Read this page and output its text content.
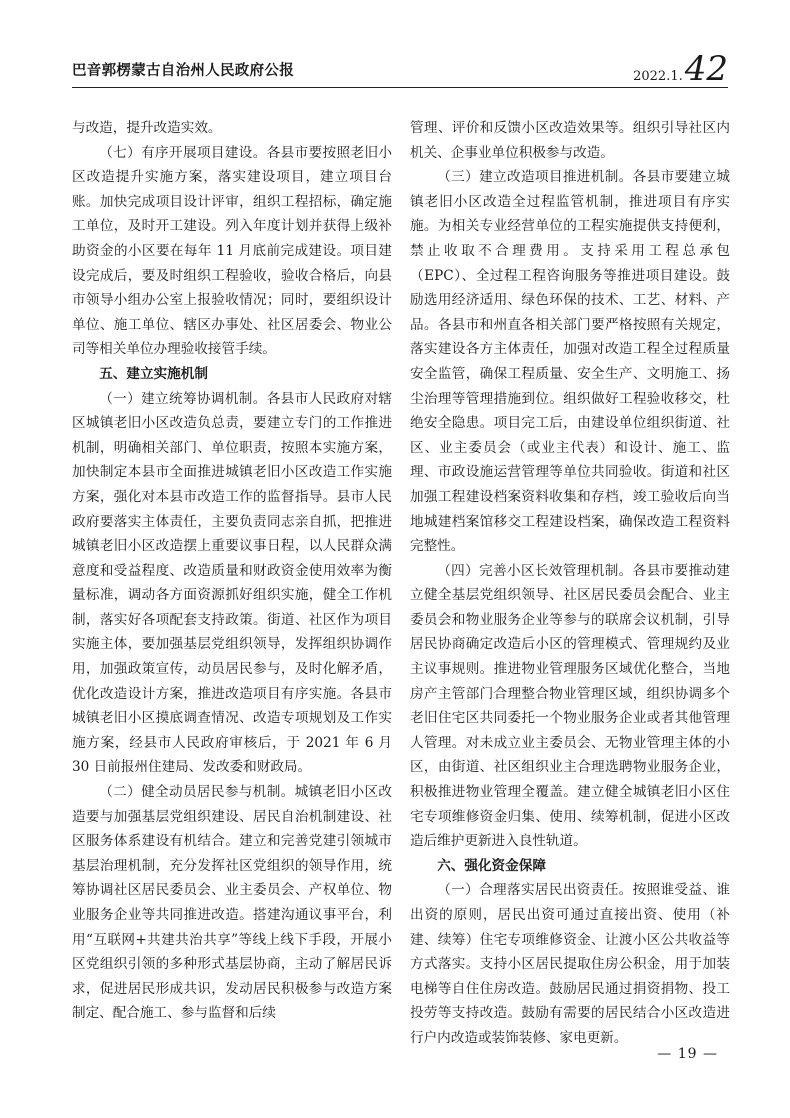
巴音郭楞蒙古自治州人民政府公报	2022.1. 42

与改造，提升改造实效。

（七）有序开展项目建设。各县市要按照老旧小区改造提升实施方案，落实建设项目，建立项目台账。加快完成项目设计评审，组织工程招标，确定施工单位，及时开工建设。列入年度计划并获得上级补助资金的小区要在每年 11 月底前完成建设。项目建设完成后，要及时组织工程验收，验收合格后，向县市领导小组办公室上报验收情况；同时，要组织设计单位、施工单位、辖区办事处、社区居委会、物业公司等相关单位办理验收接管手续。

五、建立实施机制

（一）建立统筹协调机制。各县市人民政府对辖区城镇老旧小区改造负总责，要建立专门的工作推进机制，明确相关部门、单位职责，按照本实施方案，加快制定本县市全面推进城镇老旧小区改造工作实施方案，强化对本县市改造工作的监督指导。县市人民政府要落实主体责任，主要负责同志亲自抓，把推进城镇老旧小区改造摆上重要议事日程，以人民群众满意度和受益程度、改造质量和财政资金使用效率为衡量标准，调动各方面资源抓好组织实施，健全工作机制，落实好各项配套支持政策。街道、社区作为项目实施主体，要加强基层党组织领导，发挥组织协调作用，加强政策宣传，动员居民参与，及时化解矛盾，优化改造设计方案，推进改造项目有序实施。各县市城镇老旧小区摸底调查情况、改造专项规划及工作实施方案，经县市人民政府审核后，于 2021 年 6 月 30 日前报州住建局、发改委和财政局。

（二）健全动员居民参与机制。城镇老旧小区改造要与加强基层党组织建设、居民自治机制建设、社区服务体系建设有机结合。建立和完善党建引领城市基层治理机制，充分发挥社区党组织的领导作用，统筹协调社区居民委员会、业主委员会、产权单位、物业服务企业等共同推进改造。搭建沟通议事平台，利用“互联网+共建共治共享”等线上线下手段，开展小区党组织引领的多种形式基层协商，主动了解居民诉求，促进居民形成共识，发动居民积极参与改造方案制定、配合施工、参与监督和后续

管理、评价和反馈小区改造效果等。组织引导社区内机关、企事业单位积极参与改造。

（三）建立改造项目推进机制。各县市要建立城镇老旧小区改造全过程监管机制，推进项目有序实施。为相关专业经营单位的工程实施提供支持便利，禁止收取不合理费用。支持采用工程总承包（EPC）、全过程工程咨询服务等推进项目建设。鼓励选用经济适用、绿色环保的技术、工艺、材料、产品。各县市和州直各相关部门要严格按照有关规定，落实建设各方主体责任，加强对改造工程全过程质量安全监管，确保工程质量、安全生产、文明施工、扬尘治理等管理措施到位。组织做好工程验收移交，杜绝安全隐患。项目完工后，由建设单位组织街道、社区、业主委员会（或业主代表）和设计、施工、监理、市政设施运营管理等单位共同验收。街道和社区加强工程建设档案资料收集和存档，竣工验收后向当地城建档案馆移交工程建设档案，确保改造工程资料完整性。

（四）完善小区长效管理机制。各县市要推动建立健全基层党组织领导、社区居民委员会配合、业主委员会和物业服务企业等参与的联席会议机制，引导居民协商确定改造后小区的管理模式、管理规约及业主议事规则。推进物业管理服务区域优化整合，当地房产主管部门合理整合物业管理区域，组织协调多个老旧住宅区共同委托一个物业服务企业或者其他管理人管理。对未成立业主委员会、无物业管理主体的小区，由街道、社区组织业主合理选聘物业服务企业，积极推进物业管理全覆盖。建立健全城镇老旧小区住宅专项维修资金归集、使用、续筹机制，促进小区改造后维护更新进入良性轨道。

六、强化资金保障

（一）合理落实居民出资责任。按照谁受益、谁出资的原则，居民出资可通过直接出资、使用（补建、续筹）住宅专项维修资金、让渡小区公共收益等方式落实。支持小区居民提取住房公积金，用于加装电梯等自住住房改造。鼓励居民通过捐资捐物、投工投劳等支持改造。鼓励有需要的居民结合小区改造进行户内改造或装饰装修、家电更新。

— 19 —
